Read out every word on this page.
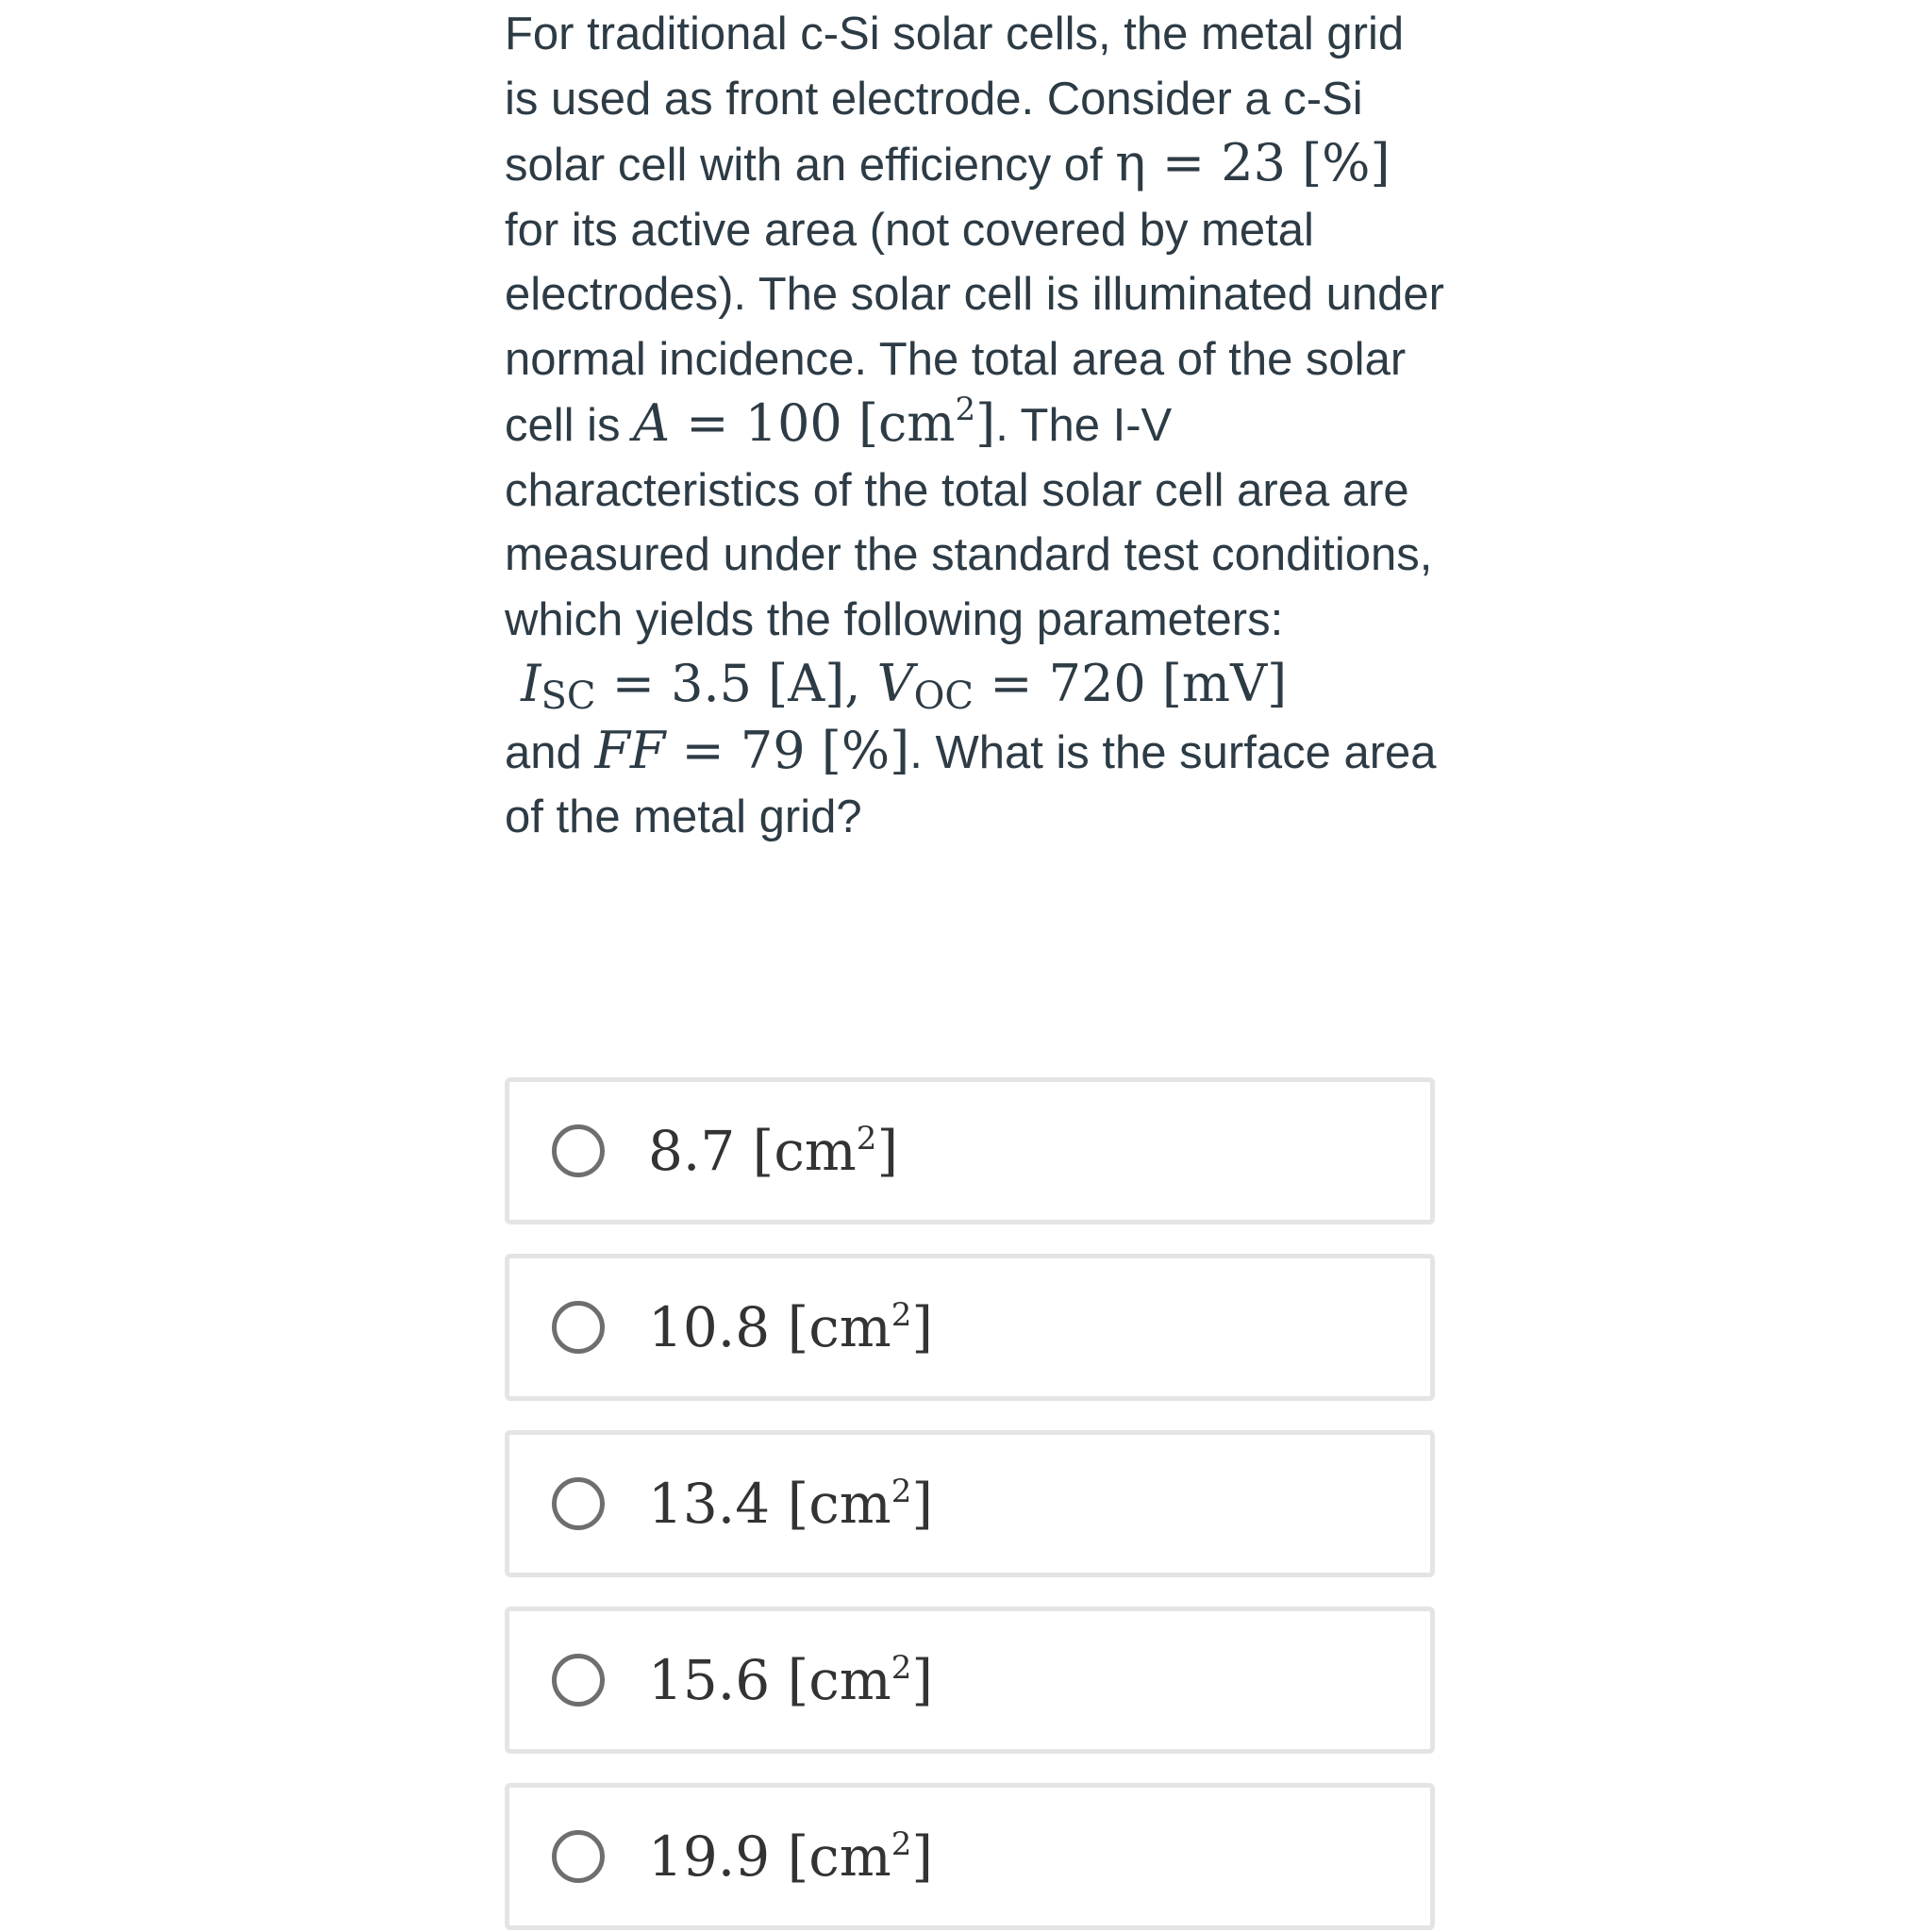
For traditional c-Si solar cells, the metal grid is used as front electrode. Consider a c-Si solar cell with an efficiency of η = 23 [%] for its active area (not covered by metal electrodes). The solar cell is illuminated under normal incidence. The total area of the solar cell is A = 100 $[cm^2]$. The I-V characteristics of the total solar cell area are measured under the standard test conditions, which yields the following parameters:
$I_{SC} = 3.5$ [A], $V_{OC} = 720$ [mV]
and FF = 79 [%]. What is the surface area of the metal grid?
8.7 $[cm^2]$
10.8 $[cm^2]$
13.4 $[cm^2]$
15.6 $[cm^2]$
19.9 $[cm^2]$
